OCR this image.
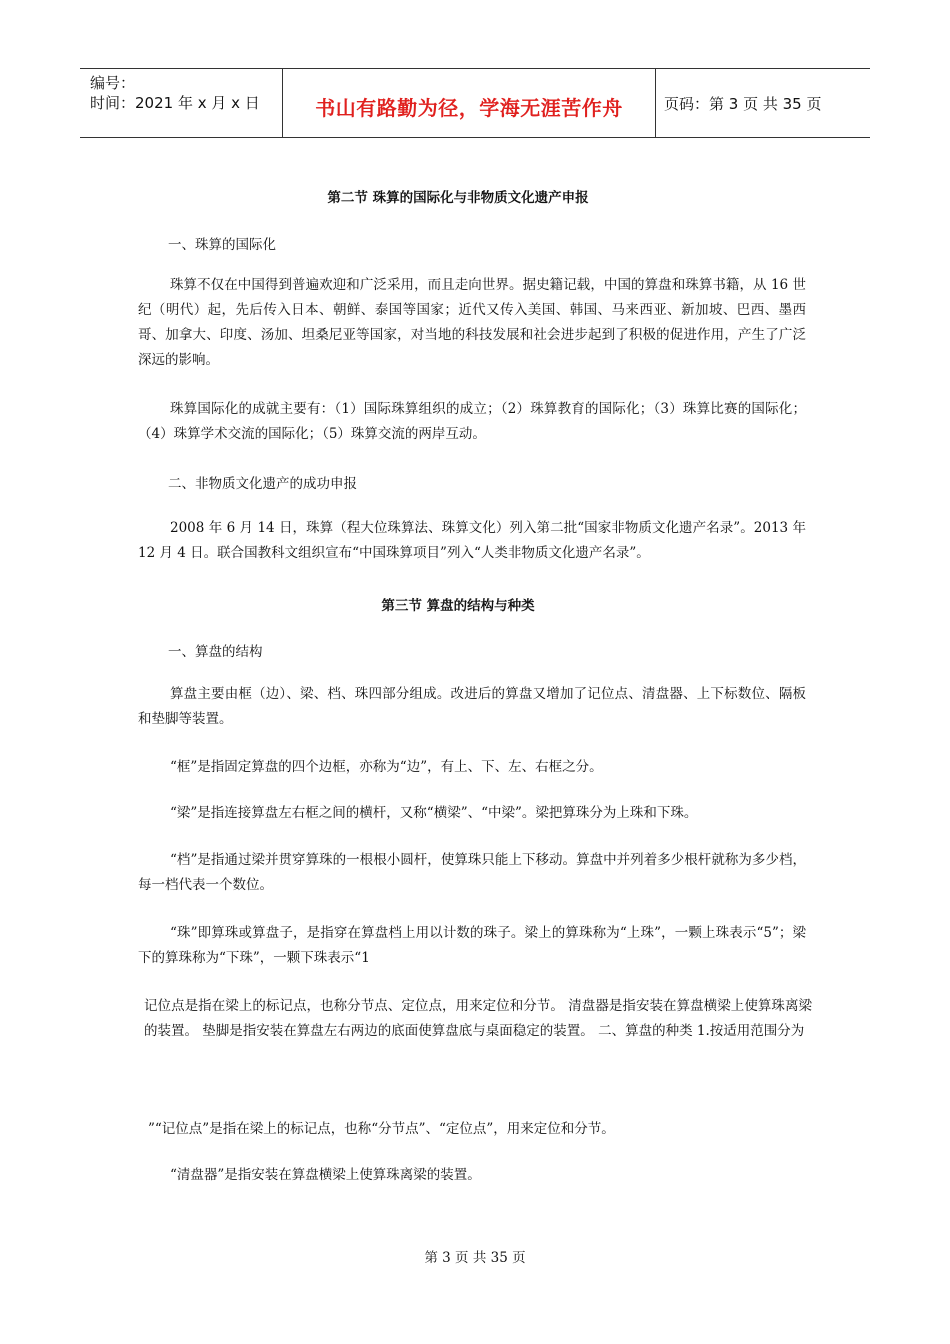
编号：
时间：2021 年 x 月 x 日	书山有路勤为径，学海无涯苦作舟	页码：第 3 页 共 35 页
第二节 珠算的国际化与非物质文化遗产申报
一、珠算的国际化
珠算不仅在中国得到普遍欢迎和广泛采用，而且走向世界。据史籍记载，中国的算盘和珠算书籍，从 16 世纪（明代）起，先后传入日本、朝鲜、泰国等国家；近代又传入美国、韩国、马来西亚、新加坡、巴西、墨西哥、加拿大、印度、汤加、坦桑尼亚等国家，对当地的科技发展和社会进步起到了积极的促进作用，产生了广泛深远的影响。
珠算国际化的成就主要有：（1）国际珠算组织的成立；（2）珠算教育的国际化；（3）珠算比赛的国际化；（4）珠算学术交流的国际化；（5）珠算交流的两岸互动。
二、非物质文化遗产的成功申报
2008 年 6 月 14 日，珠算（程大位珠算法、珠算文化）列入第二批“国家非物质文化遗产名录”。2013 年 12 月 4 日。联合国教科文组织宣布“中国珠算项目”列入“人类非物质文化遗产名录”。
第三节 算盘的结构与种类
一、算盘的结构
算盘主要由框（边）、梁、档、珠四部分组成。改进后的算盘又增加了记位点、清盘器、上下标数位、隔板和垫脚等装置。
“框”是指固定算盘的四个边框，亦称为“边”，有上、下、左、右框之分。
“梁”是指连接算盘左右框之间的横杆，又称“横梁”、“中梁”。梁把算珠分为上珠和下珠。
“档”是指通过梁并贯穿算珠的一根根小圆杆，使算珠只能上下移动。算盘中并列着多少根杆就称为多少档，每一档代表一个数位。
“珠”即算珠或算盘子，是指穿在算盘档上用以计数的珠子。梁上的算珠称为“上珠”，一颗上珠表示“5”；梁下的算珠称为“下珠”，一颗下珠表示“1
记位点是指在梁上的标记点，也称分节点、定位点，用来定位和分节。 清盘器是指安装在算盘横梁上使算珠离梁的装置。 垫脚是指安装在算盘左右两边的底面使算盘底与桌面稳定的装置。 二、算盘的种类 1.按适用范围分为
”“记位点”是指在梁上的标记点，也称“分节点”、“定位点”，用来定位和分节。
“清盘器”是指安装在算盘横梁上使算珠离梁的装置。
第 3 页 共 35 页
